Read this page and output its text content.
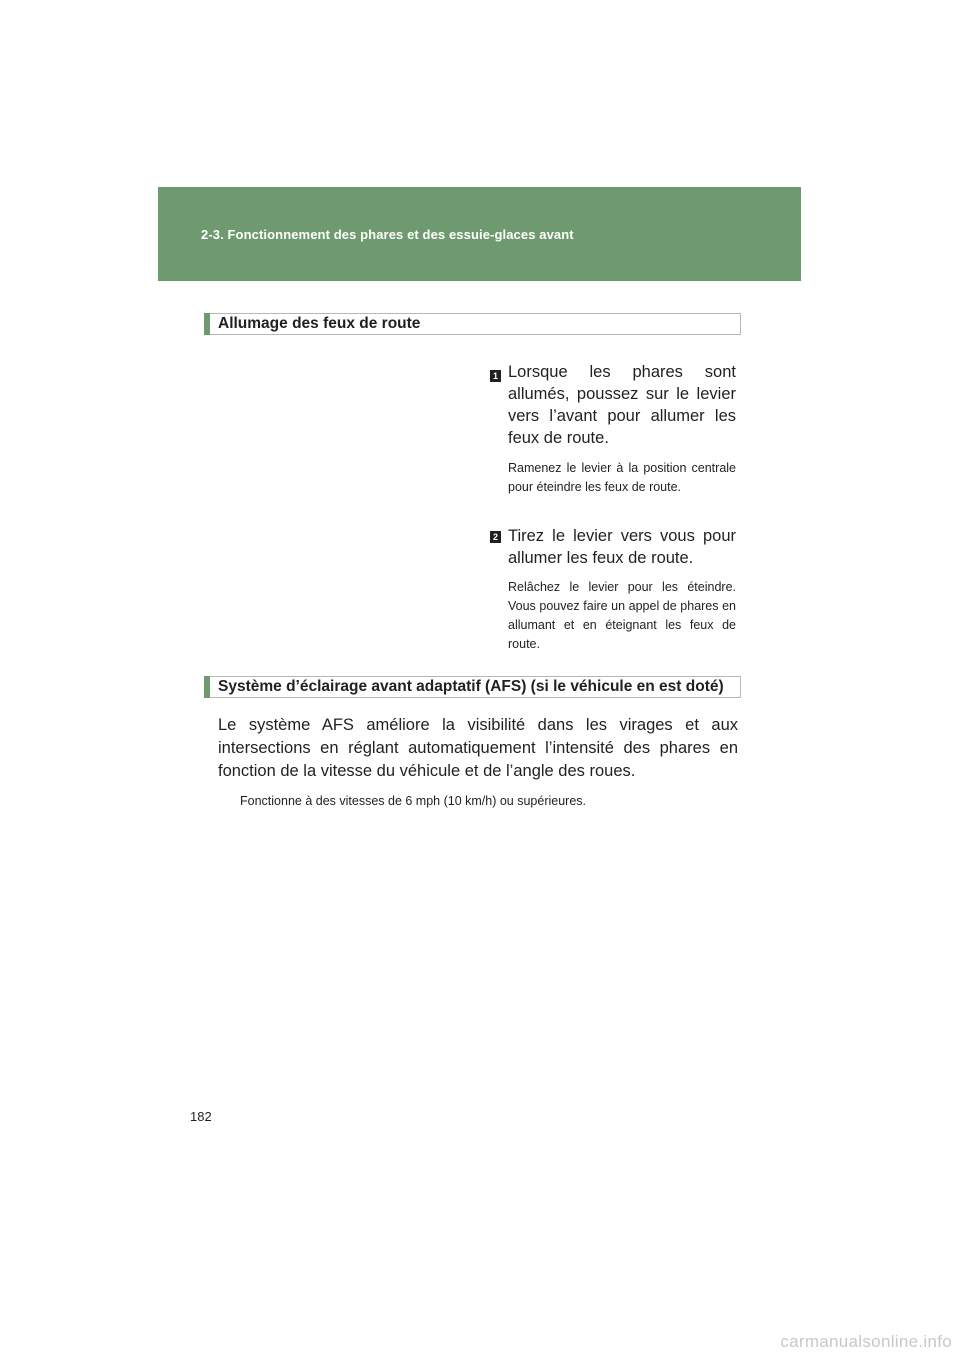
2-3. Fonctionnement des phares et des essuie-glaces avant
Allumage des feux de route
1 Lorsque les phares sont allumés, poussez sur le levier vers l’avant pour allumer les feux de route.
Ramenez le levier à la position centrale pour éteindre les feux de route.
2 Tirez le levier vers vous pour allumer les feux de route.
Relâchez le levier pour les éteindre. Vous pouvez faire un appel de phares en allumant et en éteignant les feux de route.
Système d’éclairage avant adaptatif (AFS) (si le véhicule en est doté)
Le système AFS améliore la visibilité dans les virages et aux intersections en réglant automatiquement l’intensité des phares en fonction de la vitesse du véhicule et de l’angle des roues.
Fonctionne à des vitesses de 6 mph (10 km/h) ou supérieures.
182
carmanualsonline.info
